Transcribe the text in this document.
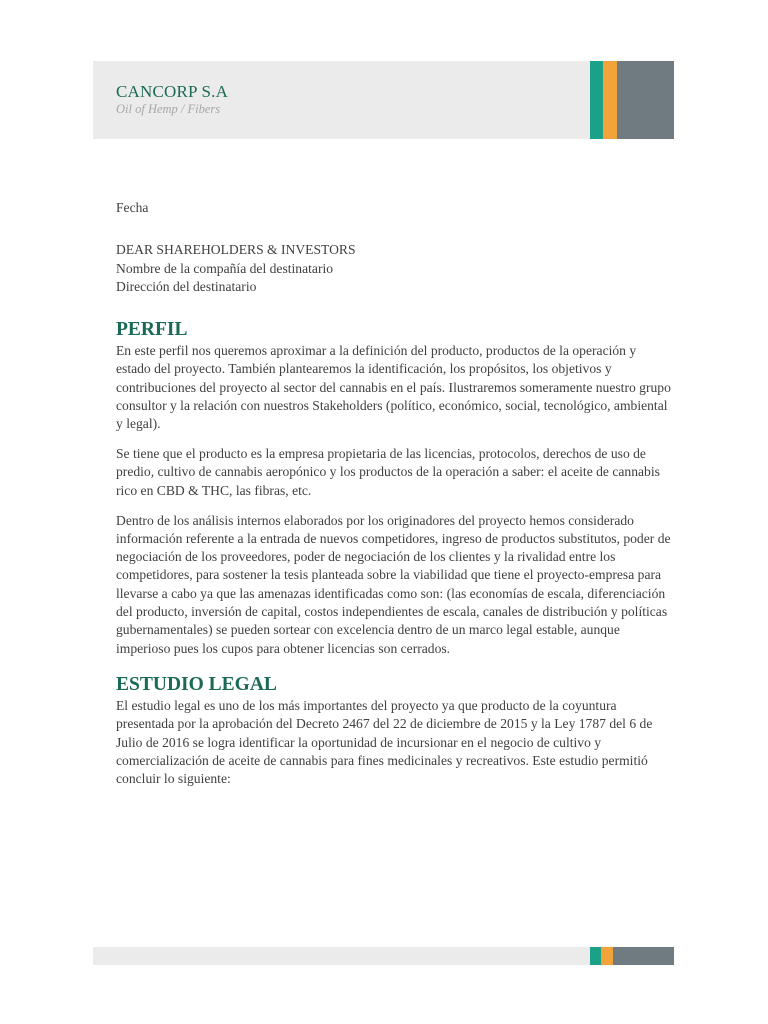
CANCORP S.A
Oil of Hemp / Fibers

Fecha

DEAR SHAREHOLDERS & INVESTORS

Nombre de la compañía del destinatario

Dirección del destinatario

PERFIL

En este perfil nos queremos aproximar a la definición del producto, productos de la operación y estado del proyecto. También plantearemos la identificación, los propósitos, los objetivos y contribuciones del proyecto al sector del cannabis en el país. Ilustraremos someramente nuestro grupo consultor y la relación con nuestros Stakeholders (político, económico, social, tecnológico, ambiental y legal).

Se tiene que el producto es la empresa propietaria de las licencias, protocolos, derechos de uso de predio, cultivo de cannabis aeropónico y los productos de la operación a saber: el aceite de cannabis rico en CBD & THC, las fibras, etc.

Dentro de los análisis internos elaborados por los originadores del proyecto hemos considerado información referente a la entrada de nuevos competidores, ingreso de productos substitutos, poder de negociación de los proveedores, poder de negociación de los clientes y la rivalidad entre los competidores, para sostener la tesis planteada sobre la viabilidad que tiene el proyecto-empresa para llevarse a cabo ya que las amenazas identificadas como son: (las economías de escala, diferenciación del producto, inversión de capital, costos independientes de escala, canales de distribución y políticas gubernamentales) se pueden sortear con excelencia dentro de un marco legal estable, aunque imperioso pues los cupos para obtener licencias son cerrados.

ESTUDIO LEGAL

El estudio legal es uno de los más importantes del proyecto ya que producto de la coyuntura presentada por la aprobación del Decreto 2467 del 22 de diciembre de 2015 y la Ley 1787 del 6 de Julio de 2016 se logra identificar la oportunidad de incursionar en el negocio de cultivo y comercialización de aceite de cannabis para fines medicinales y recreativos. Este estudio permitió concluir lo siguiente:
